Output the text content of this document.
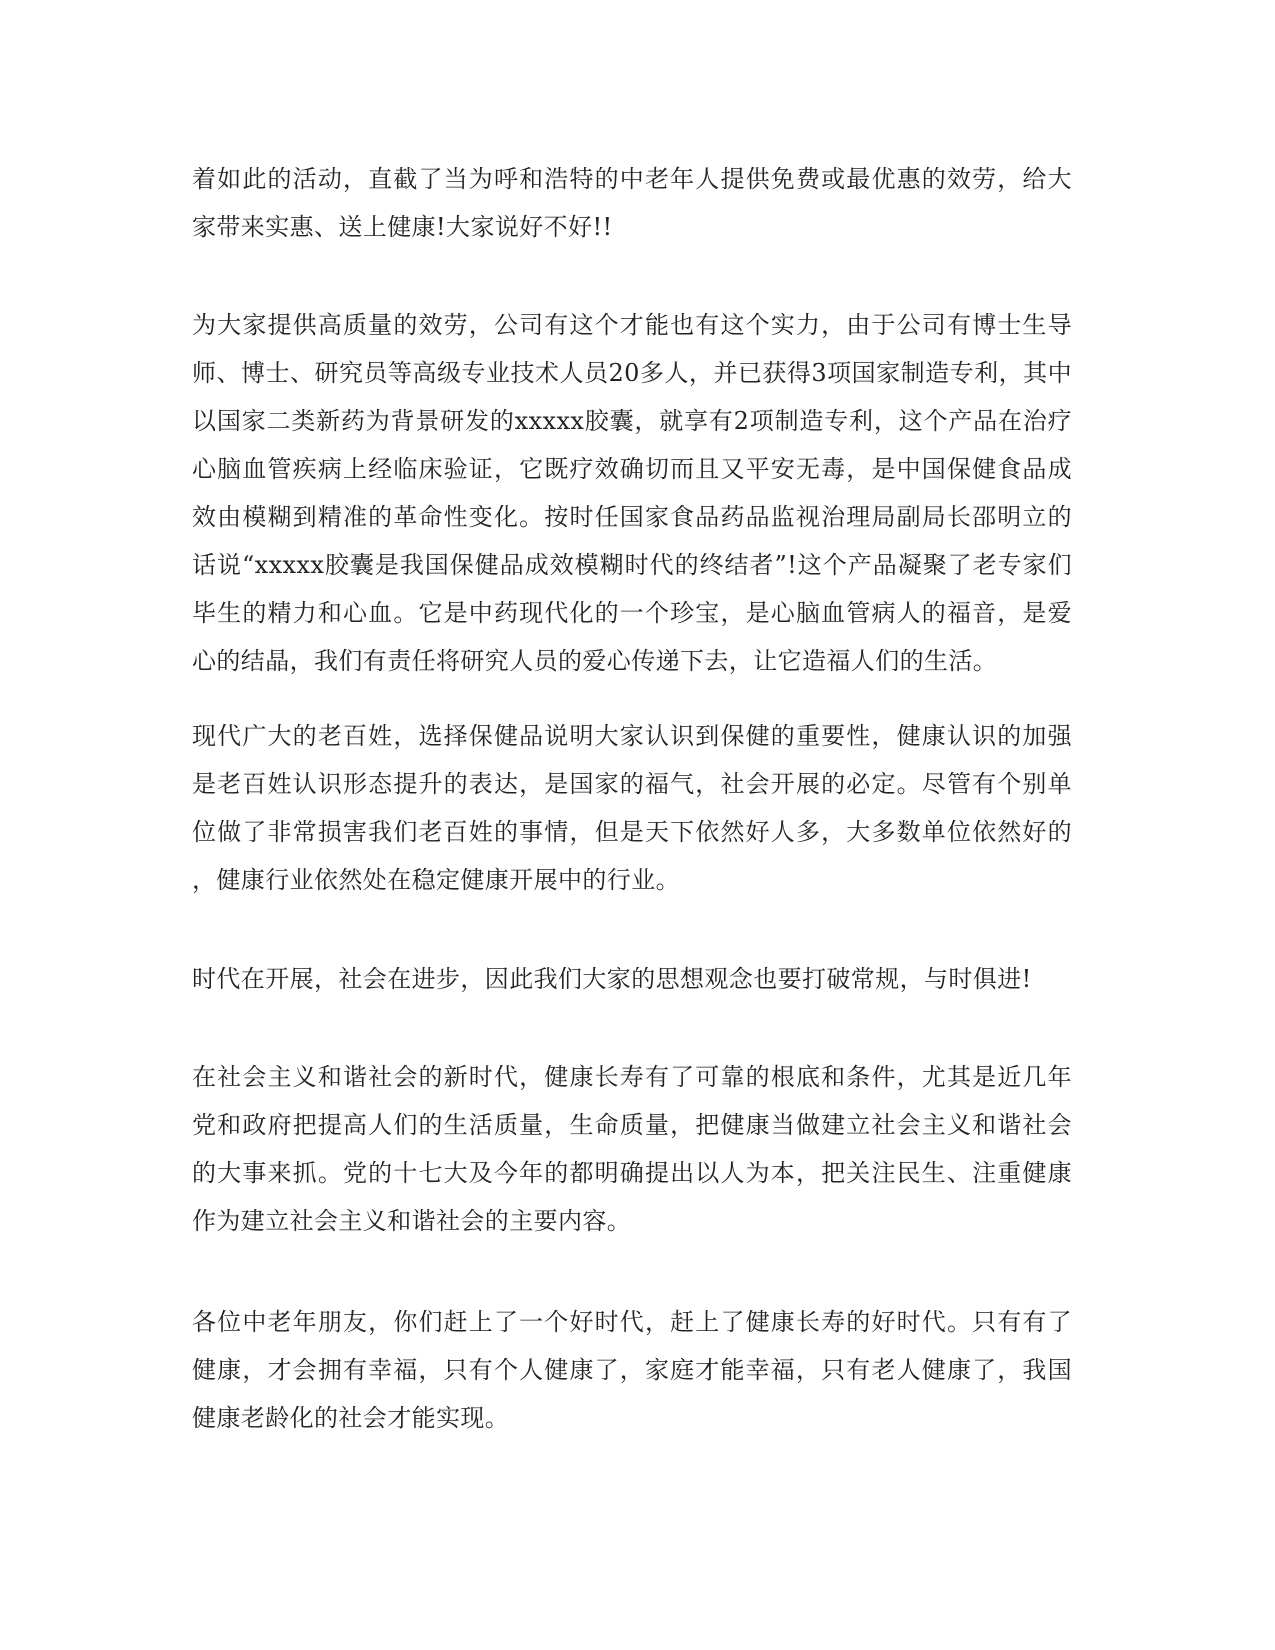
着如此的活动，直截了当为呼和浩特的中老年人提供免费或最优惠的效劳，给大
家带来实惠、送上健康!大家说好不好!!
为大家提供高质量的效劳，公司有这个才能也有这个实力，由于公司有博士生导
师、博士、研究员等高级专业技术人员20多人，并已获得3项国家制造专利，其中
以国家二类新药为背景研发的xxxxx胶囊，就享有2项制造专利，这个产品在治疗
心脑血管疾病上经临床验证，它既疗效确切而且又平安无毒，是中国保健食品成
效由模糊到精准的革命性变化。按时任国家食品药品监视治理局副局长邵明立的
话说“xxxxx胶囊是我国保健品成效模糊时代的终结者”!这个产品凝聚了老专家们
毕生的精力和心血。它是中药现代化的一个珍宝，是心脑血管病人的福音，是爱
心的结晶，我们有责任将研究人员的爱心传递下去，让它造福人们的生活。
现代广大的老百姓，选择保健品说明大家认识到保健的重要性，健康认识的加强
是老百姓认识形态提升的表达，是国家的福气，社会开展的必定。尽管有个别单
位做了非常损害我们老百姓的事情，但是天下依然好人多，大多数单位依然好的
，健康行业依然处在稳定健康开展中的行业。
时代在开展，社会在进步，因此我们大家的思想观念也要打破常规，与时俱进!
在社会主义和谐社会的新时代，健康长寿有了可靠的根底和条件，尤其是近几年
党和政府把提高人们的生活质量，生命质量，把健康当做建立社会主义和谐社会
的大事来抓。党的十七大及今年的都明确提出以人为本，把关注民生、注重健康
作为建立社会主义和谐社会的主要内容。
各位中老年朋友，你们赶上了一个好时代，赶上了健康长寿的好时代。只有有了
健康，才会拥有幸福，只有个人健康了，家庭才能幸福，只有老人健康了，我国
健康老龄化的社会才能实现。
